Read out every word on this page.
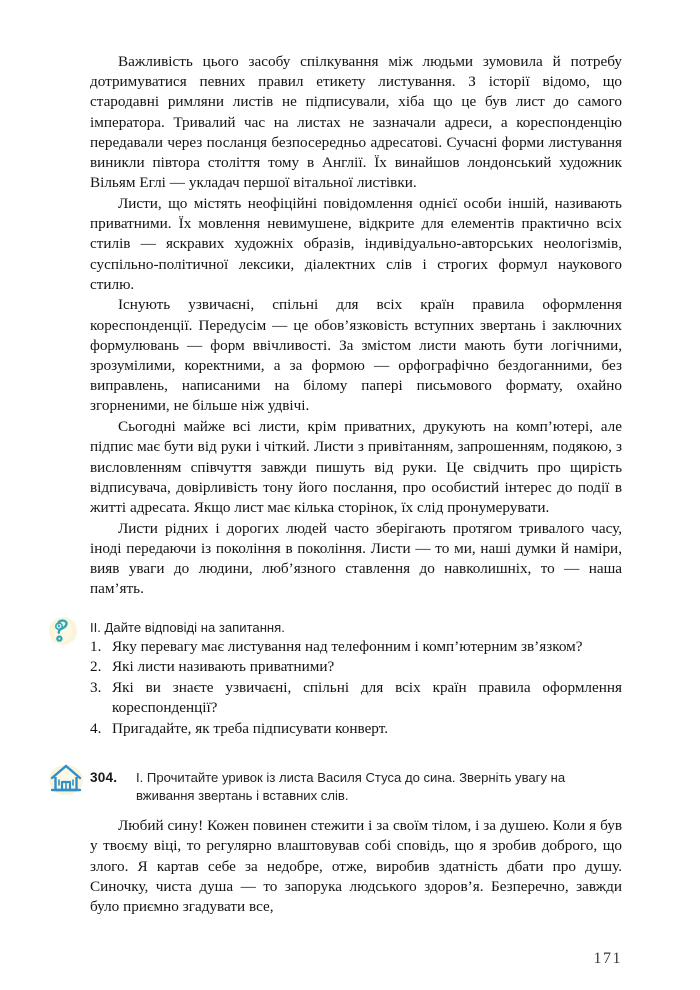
Важливість цього засобу спілкування між людьми зумовила й потребу дотримуватися певних правил етикету листування. З історії відомо, що стародавні римляни листів не підписували, хіба що це був лист до самого імператора. Тривалий час на листах не зазначали адреси, а кореспонденцію передавали через посланця безпосередньо адресатові. Сучасні форми листування виникли півтора століття тому в Англії. Їх винайшов лондонський художник Вільям Еглі — укладач першої вітальної листівки.

Листи, що містять неофіційні повідомлення однієї особи іншій, називають приватними. Їх мовлення невимушене, відкрите для елементів практично всіх стилів — яскравих художніх образів, індивідуально-авторських неологізмів, суспільно-політичної лексики, діалектних слів і строгих формул наукового стилю.

Існують узвичаєні, спільні для всіх країн правила оформлення кореспонденції. Передусім — це обов’язковість вступних звертань і заключних формулювань — форм ввічливості. За змістом листи мають бути логічними, зрозумілими, коректними, а за формою — орфографічно бездоганними, без виправлень, написаними на білому папері письмового формату, охайно згорненими, не більше ніж удвічі.

Сьогодні майже всі листи, крім приватних, друкують на комп’ютері, але підпис має бути від руки і чіткий. Листи з привітанням, запрошенням, подякою, з висловленням співчуття завжди пишуть від руки. Це свідчить про щирість відписувача, довірливість тону його послання, про особистий інтерес до події в житті адресата. Якщо лист має кілька сторінок, їх слід пронумерувати.

Листи рідних і дорогих людей часто зберігають протягом тривалого часу, іноді передаючи із покоління в покоління. Листи — то ми, наші думки й наміри, вияв уваги до людини, люб’язного ставлення до навколишніх, то — наша пам’ять.

II. Дайте відповіді на запитання.

1. Яку перевагу має листування над телефонним і комп’ютерним зв’язком?
2. Які листи називають приватними?
3. Які ви знаєте узвичаєні, спільні для всіх країн правила оформлення кореспонденції?
4. Пригадайте, як треба підписувати конверт.
304. I. Прочитайте уривок із листа Василя Стуса до сина. Зверніть увагу на вживання звертань і вставних слів.

Любий сину! Кожен повинен стежити і за своїм тілом, і за душею. Коли я був у твоєму віці, то регулярно влаштовував собі сповідь, що я зробив доброго, що злого. Я картав себе за недобре, отже, виробив здатність дбати про душу. Синочку, чиста душа — то запорука людського здоров’я. Безперечно, завжди було приємно згадувати все,

171
